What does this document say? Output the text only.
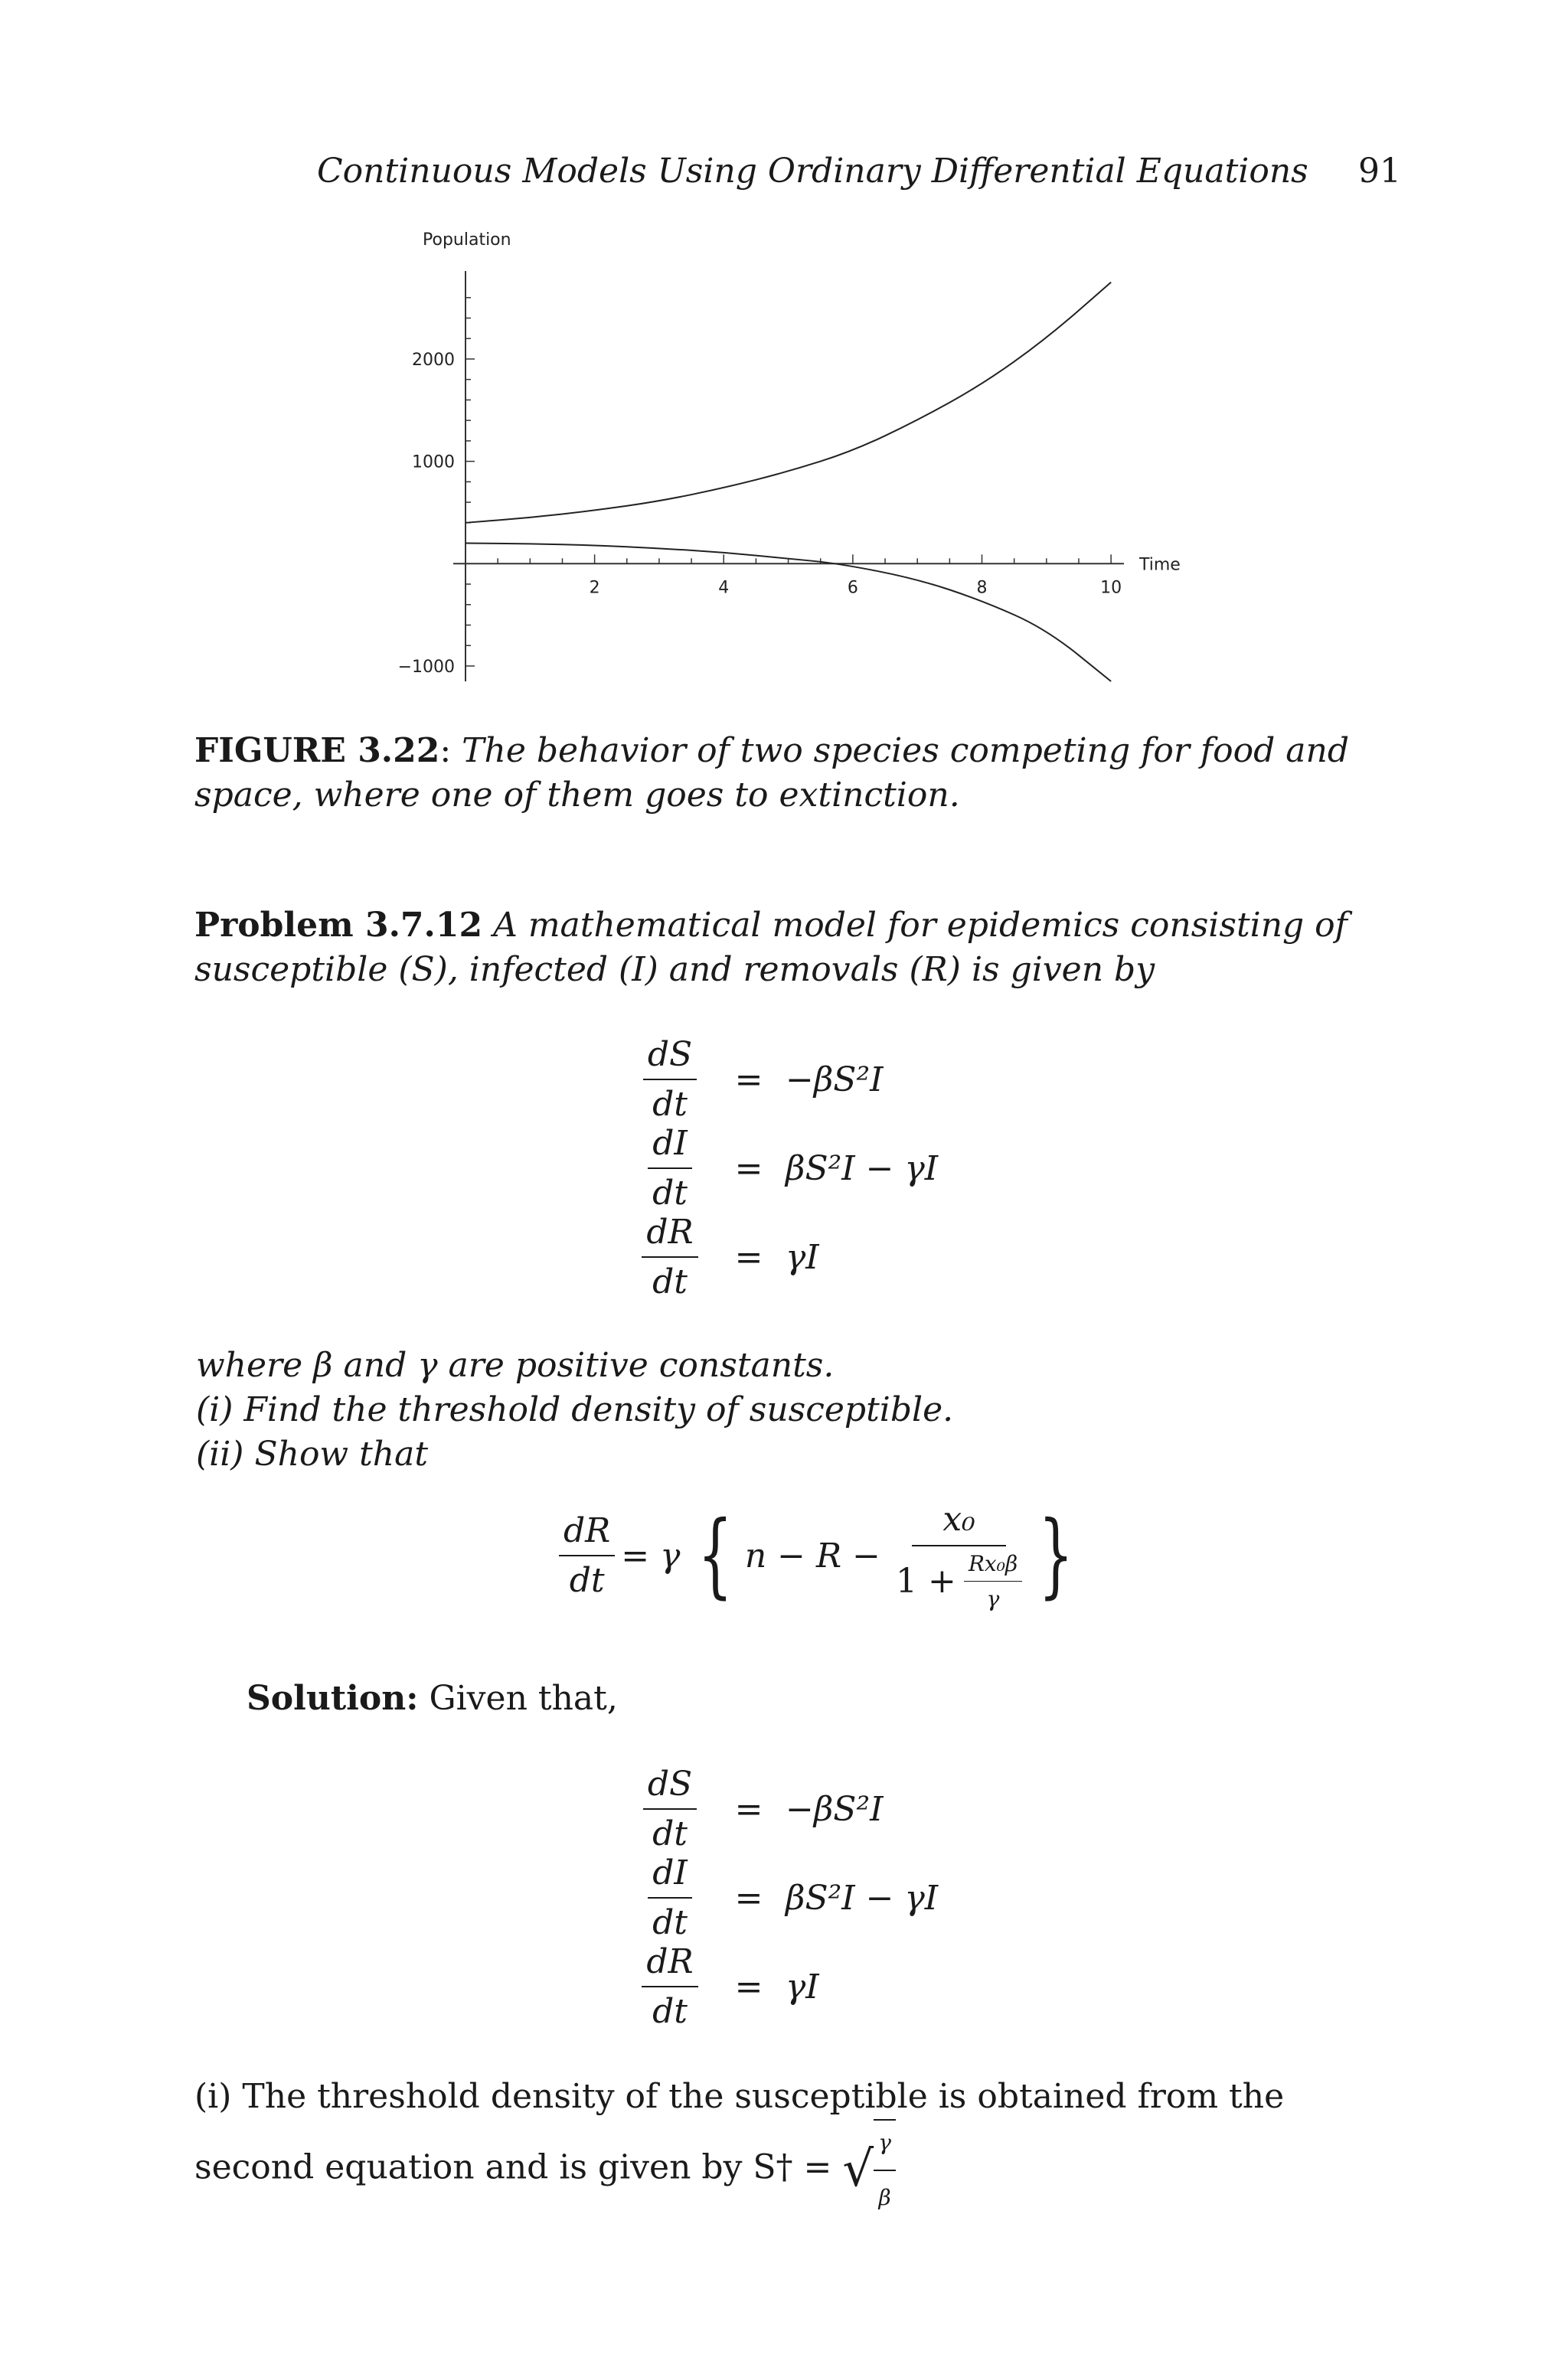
Continuous Models Using Ordinary Differential Equations 91
2	4	6	8	10
2000
1000
−1000
Population
Time
FIGURE 3.22: The behavior of two species competing for food and space, where one of them goes to extinction.
Problem 3.7.12 A mathematical model for epidemics consisting of susceptible (S), infected (I) and removals (R) is given by
$\frac{dS}{dt}$	= −βS²I
$\frac{dI}{dt}$	= βS²I − γI
$\frac{dR}{dt}$	= γI
where β and γ are positive constants.
(i) Find the threshold density of susceptible.
(ii) Show that
$\frac{dR}{dt} = \gamma$ { $n - R - \frac{\text{x₀}}{1 + \frac{\text{Rx₀β}}{\gamma}}$ }
Solution: Given that,
$\frac{dS}{dt}$	= −βS²I
$\frac{dI}{dt}$	= βS²I − γI
$\frac{dR}{dt}$	= γI
(i) The threshold density of the susceptible is obtained from the second equation and is given by S† = √ $\frac{\gamma}{\beta}$
